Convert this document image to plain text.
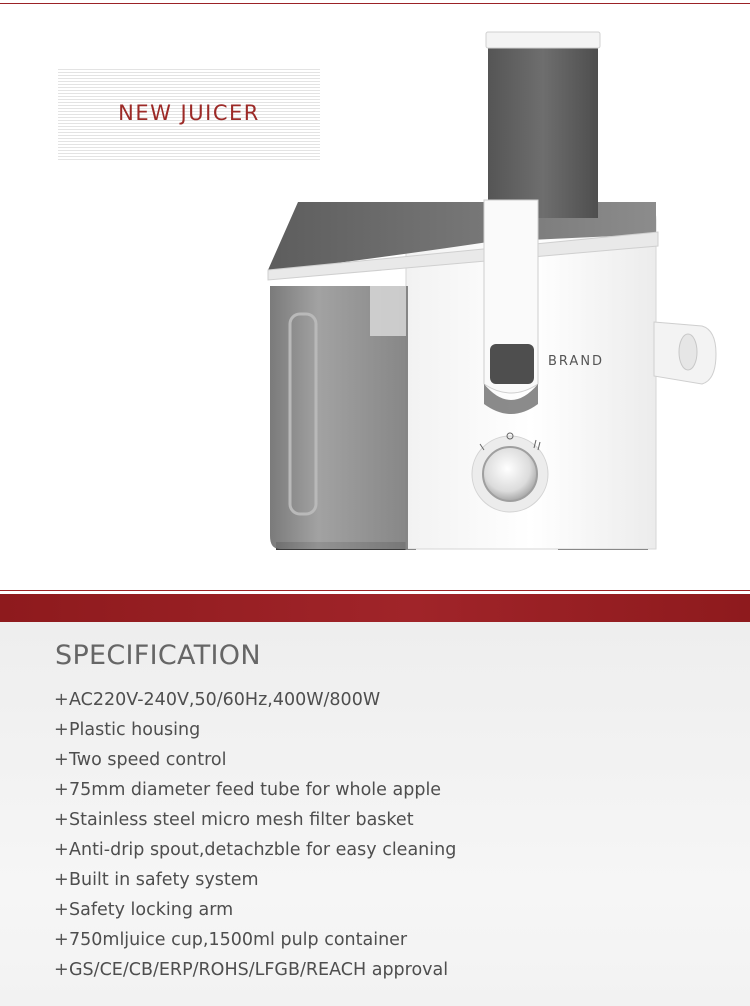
NEW JUICER
BRAND
SPECIFICATION
+AC220V-240V,50/60Hz,400W/800W
+Plastic housing
+Two speed control
+75mm diameter feed tube for whole apple
+Stainless steel micro mesh filter basket
+Anti-drip spout,detachzble for easy cleaning
+Built in safety system
+Safety locking arm
+750mljuice cup,1500ml pulp container
+GS/CE/CB/ERP/ROHS/LFGB/REACH approval
